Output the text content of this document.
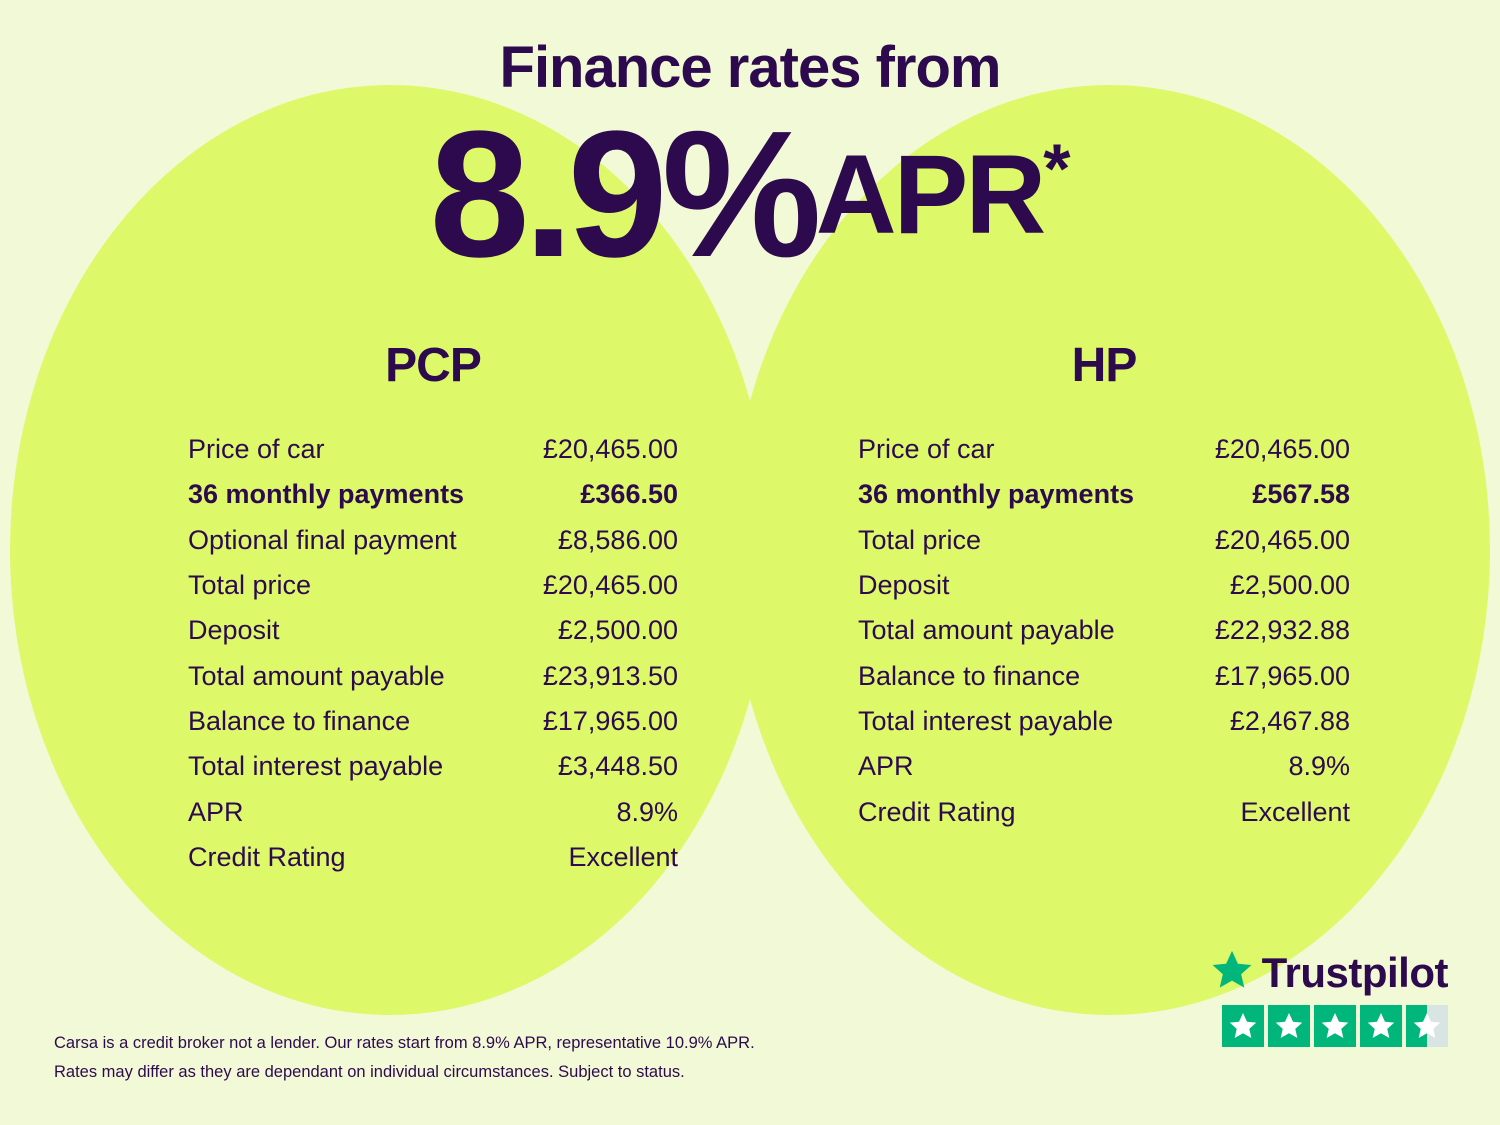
Finance rates from
8.9%APR*
PCP
Price of car	£20,465.00
36 monthly payments	£366.50
Optional final payment	£8,586.00
Total price	£20,465.00
Deposit	£2,500.00
Total amount payable	£23,913.50
Balance to finance	£17,965.00
Total interest payable	£3,448.50
APR	8.9%
Credit Rating	Excellent
HP
Price of car	£20,465.00
36 monthly payments	£567.58
Total price	£20,465.00
Deposit	£2,500.00
Total amount payable	£22,932.88
Balance to finance	£17,965.00
Total interest payable	£2,467.88
APR	8.9%
Credit Rating	Excellent
Carsa is a credit broker not a lender. Our rates start from 8.9% APR, representative 10.9% APR.
Rates may differ as they are dependant on individual circumstances. Subject to status.
Trustpilot
